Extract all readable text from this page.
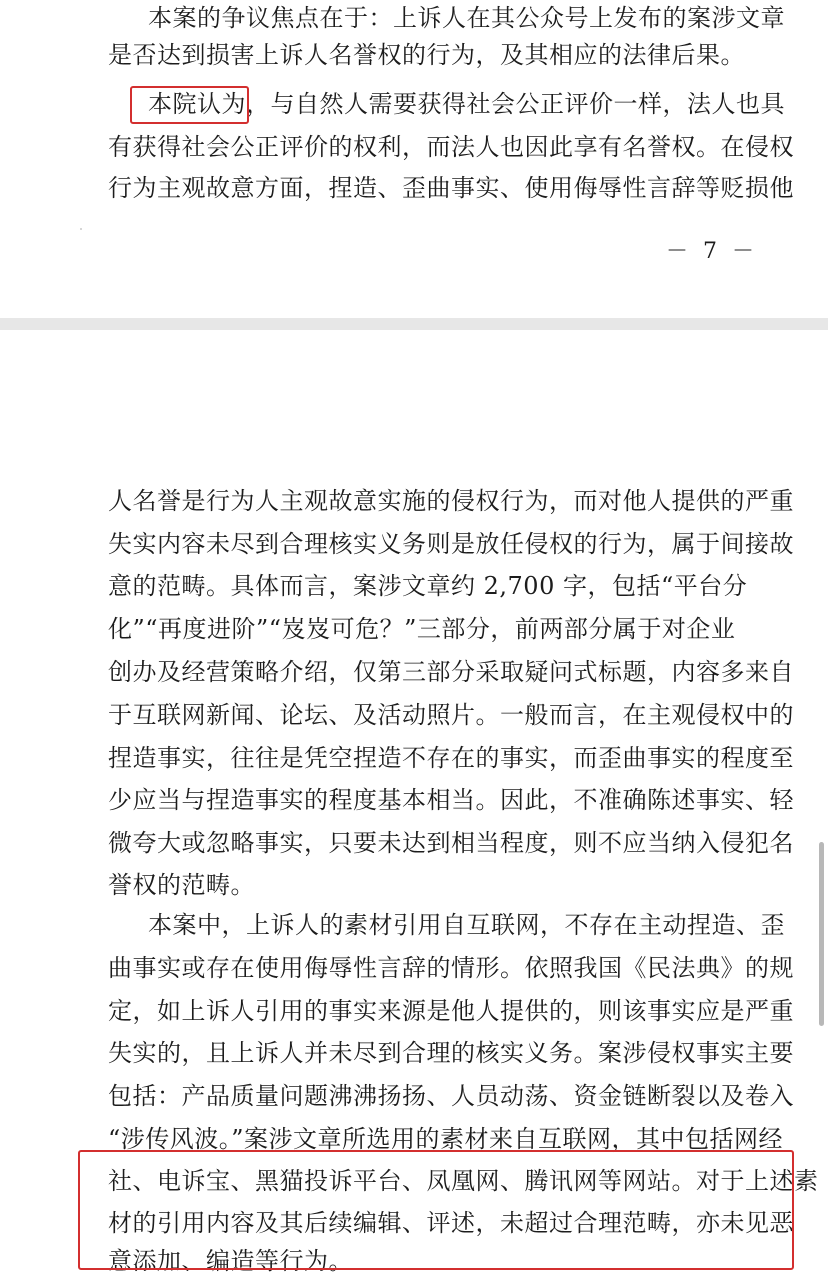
本案的争议焦点在于：上诉人在其公众号上发布的案涉文章
是否达到损害上诉人名誉权的行为，及其相应的法律后果。
本院认为，与自然人需要获得社会公正评价一样，法人也具
有获得社会公正评价的权利，而法人也因此享有名誉权。在侵权
行为主观故意方面，捏造、歪曲事实、使用侮辱性言辞等贬损他
－ 7 －
人名誉是行为人主观故意实施的侵权行为，而对他人提供的严重
失实内容未尽到合理核实义务则是放任侵权的行为，属于间接故
意的范畴。具体而言，案涉文章约 2,700 字，包括“平台分
化”“再度进阶”“岌岌可危？”三部分，前两部分属于对企业
创办及经营策略介绍，仅第三部分采取疑问式标题，内容多来自
于互联网新闻、论坛、及活动照片。一般而言，在主观侵权中的
捏造事实，往往是凭空捏造不存在的事实，而歪曲事实的程度至
少应当与捏造事实的程度基本相当。因此，不准确陈述事实、轻
微夸大或忽略事实，只要未达到相当程度，则不应当纳入侵犯名
誉权的范畴。
本案中，上诉人的素材引用自互联网，不存在主动捏造、歪
曲事实或存在使用侮辱性言辞的情形。依照我国《民法典》的规
定，如上诉人引用的事实来源是他人提供的，则该事实应是严重
失实的，且上诉人并未尽到合理的核实义务。案涉侵权事实主要
包括：产品质量问题沸沸扬扬、人员动荡、资金链断裂以及卷入
“涉传风波。”案涉文章所选用的素材来自互联网，其中包括网经
社、电诉宝、黑猫投诉平台、凤凰网、腾讯网等网站。对于上述素
材的引用内容及其后续编辑、评述，未超过合理范畴，亦未见恶
意添加、编造等行为。
